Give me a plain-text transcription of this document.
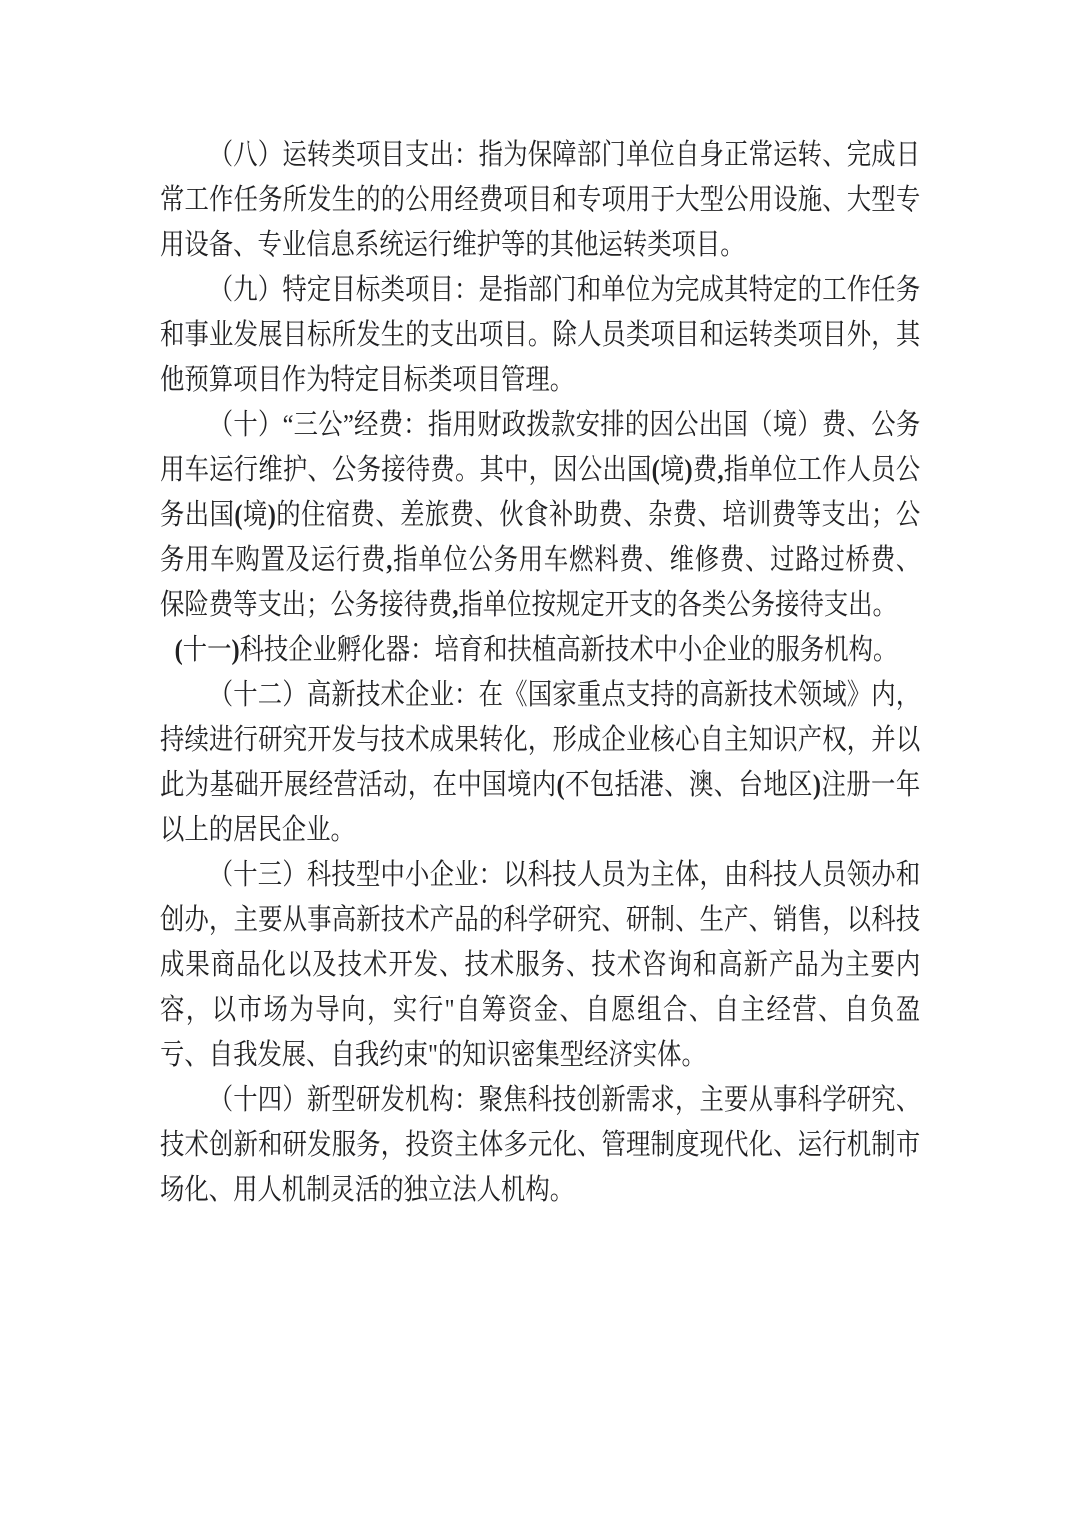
（八）运转类项目支出：指为保障部门单位自身正常运转、完成日常工作任务所发生的的公用经费项目和专项用于大型公用设施、大型专用设备、专业信息系统运行维护等的其他运转类项目。

（九）特定目标类项目：是指部门和单位为完成其特定的工作任务和事业发展目标所发生的支出项目。除人员类项目和运转类项目外，其他预算项目作为特定目标类项目管理。

（十）“三公”经费：指用财政拨款安排的因公出国（境）费、公务用车运行维护、公务接待费。其中，因公出国(境)费,指单位工作人员公务出国(境)的住宿费、差旅费、伙食补助费、杂费、培训费等支出；公务用车购置及运行费,指单位公务用车燃料费、维修费、过路过桥费、保险费等支出；公务接待费,指单位按规定开支的各类公务接待支出。

(十一)科技企业孵化器：培育和扶植高新技术中小企业的服务机构。

（十二）高新技术企业：在《国家重点支持的高新技术领域》内，持续进行研究开发与技术成果转化，形成企业核心自主知识产权，并以此为基础开展经营活动，在中国境内(不包括港、澳、台地区)注册一年以上的居民企业。

（十三）科技型中小企业：以科技人员为主体，由科技人员领办和创办，主要从事高新技术产品的科学研究、研制、生产、销售，以科技成果商品化以及技术开发、技术服务、技术咨询和高新产品为主要内容，以市场为导向，实行"自筹资金、自愿组合、自主经营、自负盈亏、自我发展、自我约束"的知识密集型经济实体。

（十四）新型研发机构：聚焦科技创新需求，主要从事科学研究、技术创新和研发服务，投资主体多元化、管理制度现代化、运行机制市场化、用人机制灵活的独立法人机构。
